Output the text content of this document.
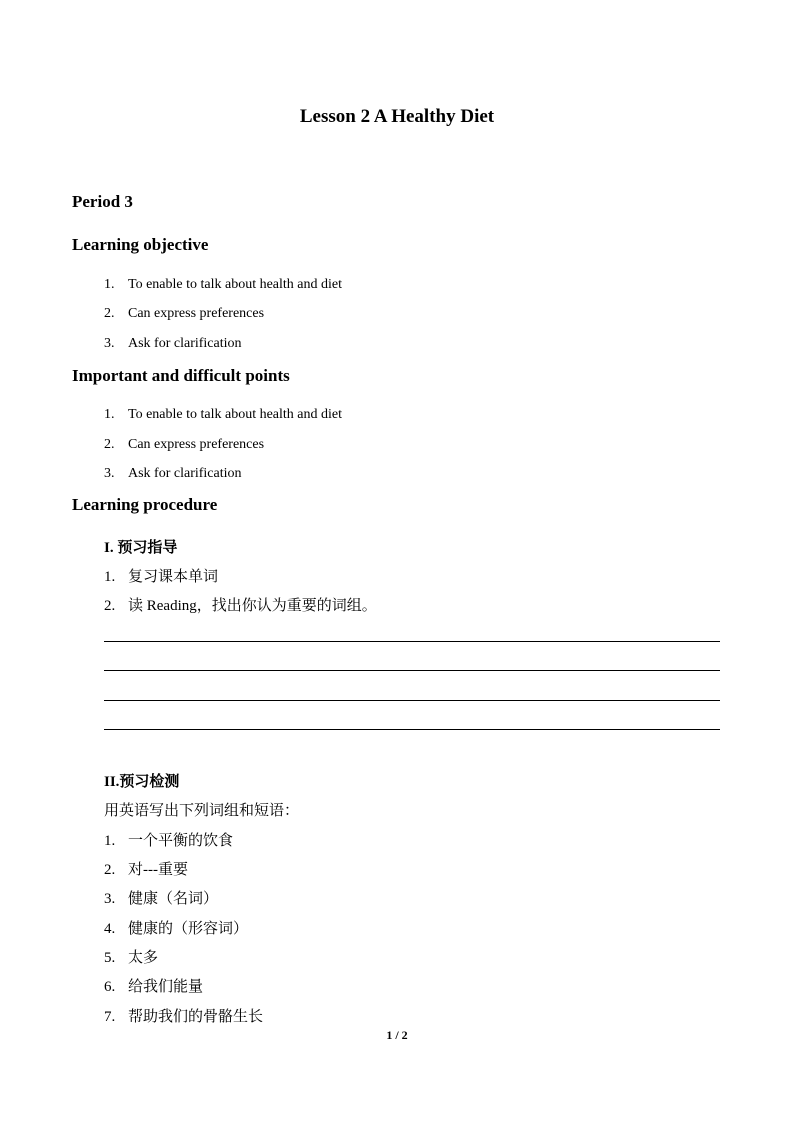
Lesson 2 A Healthy Diet
Period 3
Learning objective
1. To enable to talk about health and diet
2. Can express preferences
3. Ask for clarification
Important and difficult points
1. To enable to talk about health and diet
2. Can express preferences
3. Ask for clarification
Learning procedure
I. 预习指导
1. 复习课本单词
2. 读 Reading，找出你认为重要的词组。
II.预习检测
用英语写出下列词组和短语：
1. 一个平衡的饮食
2. 对---重要
3. 健康（名词）
4. 健康的（形容词）
5. 太多
6. 给我们能量
7. 帮助我们的骨骼生长
1 / 2
